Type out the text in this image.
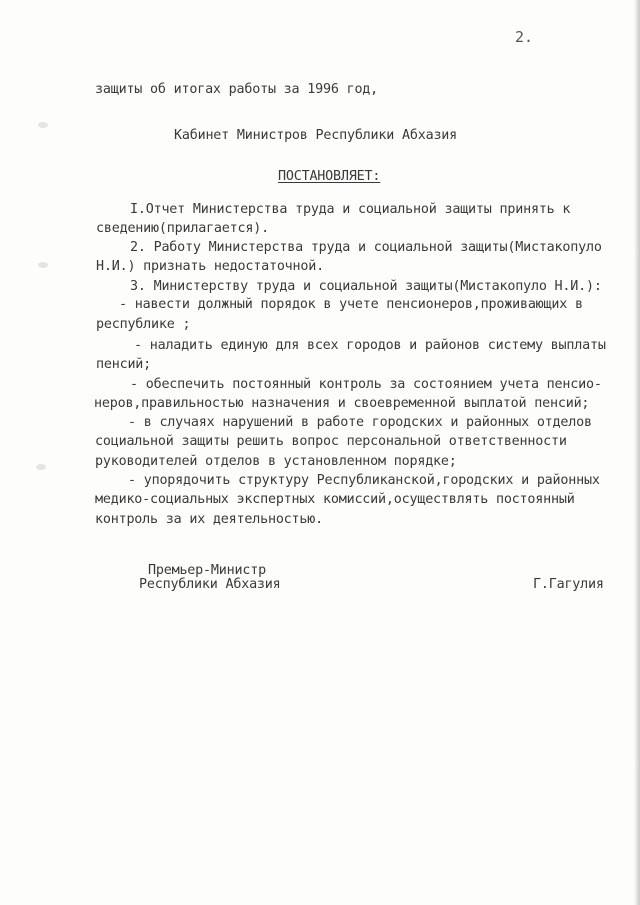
2.
защиты об итогах работы за 1996 год,
Кабинет Министров Республики Абхазия
ПОСТАНОВЛЯЕТ:
I.Отчет Министерства труда и социальной защиты принять к
сведению(прилагается).
2. Работу Министерства труда и социальной защиты(Мистакопуло
Н.И.) признать недостаточной.
3. Министерству труда и социальной защиты(Мистакопуло Н.И.):
- навести должный порядок в учете пенсионеров,проживающих в
республике ;
- наладить единую для всех городов и районов систему выплаты
пенсий;
- обеспечить постоянный контроль за состоянием учета пенсио-
неров,правильностью назначения и своевременной выплатой пенсий;
- в случаях нарушений в работе городских и районных отделов
социальной защиты решить вопрос персональной ответственности
руководителей отделов в установленном порядке;
- упорядочить структуру Республиканской,городских и районных
медико-социальных экспертных комиссий,осуществлять постоянный
контроль за их деятельностью.
Премьер-Министр
Республики Абхазия	Г.Гагулия
